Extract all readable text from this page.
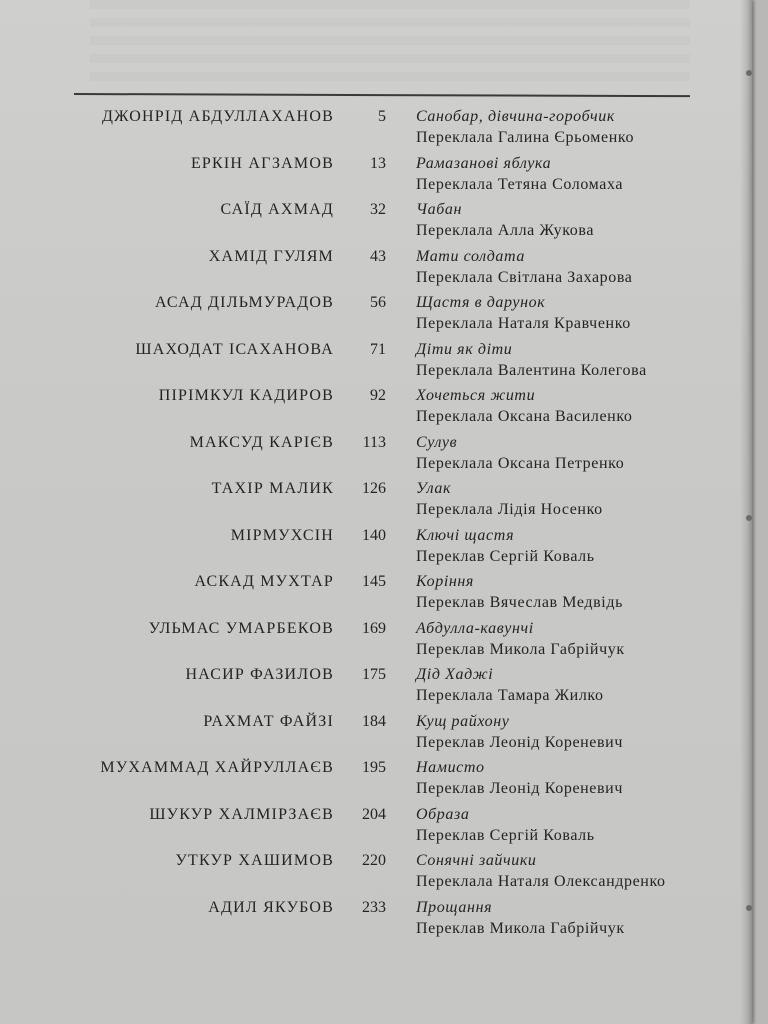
ДЖОНРІД АБДУЛЛАХАНОВ	5 Санобар, дівчина-горобчик
Переклала Галина Єрьоменко
ЕРКІН АГЗАМОВ 13 Рамазанові яблука
Переклала Тетяна Соломаха
САЇД АХМАД 32 Чабан
Переклала Алла Жукова
ХАМІД ГУЛЯМ 43 Мати солдата
Переклала Світлана Захарова
АСАД ДІЛЬМУРАДОВ 56 Щастя в дарунок
Переклала Наталя Кравченко
ШАХОДАТ ІСАХАНОВА 71 Діти як діти
Переклала Валентина Колегова
ПІРІМКУЛ КАДИРОВ 92 Хочеться жити
Переклала Оксана Василенко
МАКСУД КАРІЄВ 113 Сулув
Переклала Оксана Петренко
ТАХІР МАЛИК 126 Улак
Переклала Лідія Носенко
МІРМУХСІН 140 Ключі щастя
Переклав Сергій Коваль
АСКАД МУХТАР 145 Коріння
Переклав Вячеслав Медвідь
УЛЬМАС УМАРБЕКОВ 169 Абдулла-кавунчі
Переклав Микола Габрійчук
НАСИР ФАЗИЛОВ 175 Дід Хаджі
Переклала Тамара Жилко
РАХМАТ ФАЙЗІ 184 Кущ райхону
Переклав Леонід Кореневич
МУХАММАД ХАЙРУЛЛАЄВ 195 Намисто
Переклав Леонід Кореневич
ШУКУР ХАЛМІРЗАЄВ 204 Образа
Переклав Сергій Коваль
УТКУР ХАШИМОВ 220 Сонячні зайчики
Переклала Наталя Олександренко
АДИЛ ЯКУБОВ 233 Прощання
Переклав Микола Габрійчук
